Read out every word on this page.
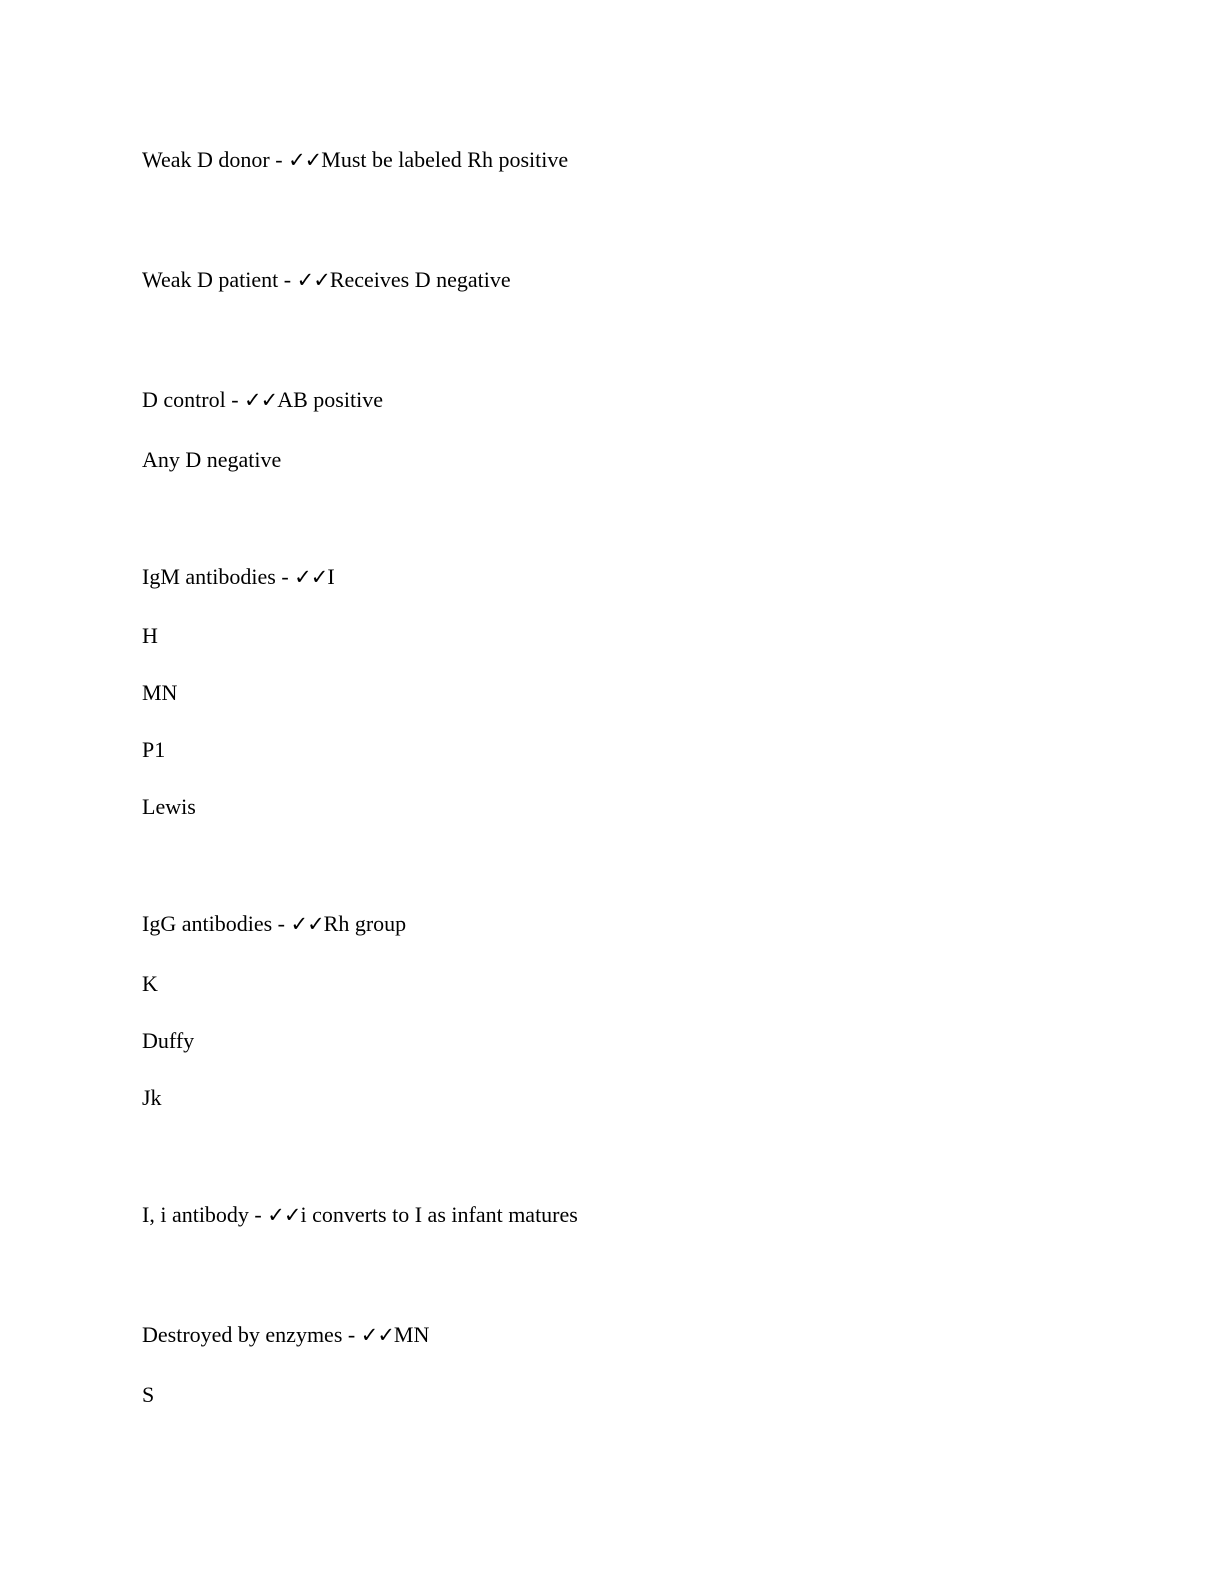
Weak D donor - ✓✓Must be labeled Rh positive
Weak D patient - ✓✓Receives D negative
D control - ✓✓AB positive
Any D negative
IgM antibodies - ✓✓I
H
MN
P1
Lewis
IgG antibodies - ✓✓Rh group
K
Duffy
Jk
I, i antibody - ✓✓i converts to I as infant matures
Destroyed by enzymes - ✓✓MN
S
